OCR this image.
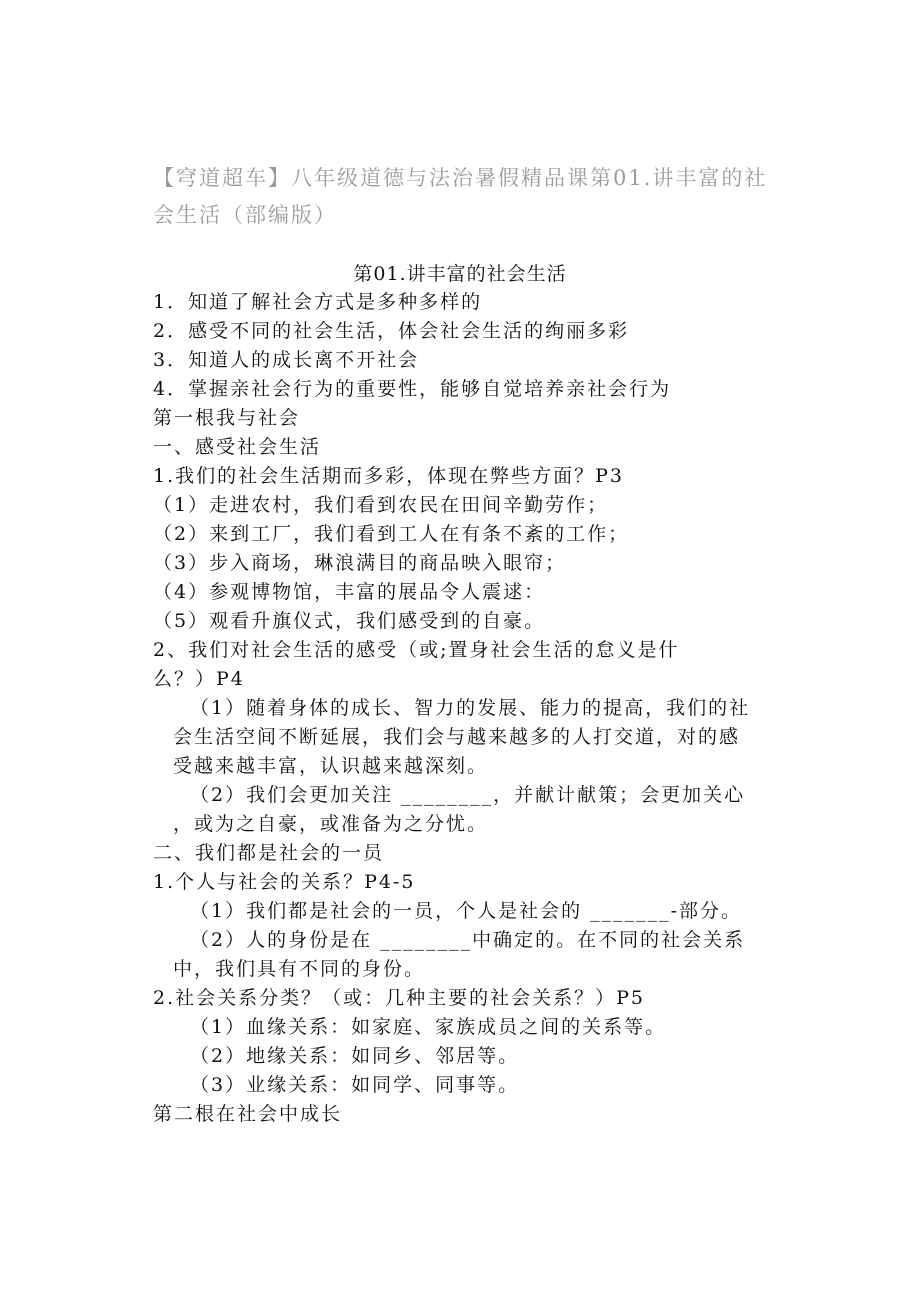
【穹道超车】八年级道德与法治暑假精品课第01.讲丰富的社会生活（部编版）
第01.讲丰富的社会生活

1．知道了解社会方式是多种多样的

2．感受不同的社会生活，体会社会生活的绚丽多彩

3．知道人的成长离不开社会

4．掌握亲社会行为的重要性，能够自觉培养亲社会行为

第一根我与社会

一、感受社会生活

1.我们的社会生活期而多彩，体现在弊些方面？P3

（1）走进农村，我们看到农民在田间辛勤劳作；

（2）来到工厂，我们看到工人在有条不紊的工作；

（3）步入商场，琳浪满目的商品映入眼帘；

（4）参观博物馆，丰富的展品令人震逑：

（5）观看升旗仪式，我们感受到的自豪。

2、我们对社会生活的感受（或;置身社会生活的怠义是什

么？）P4

（1）随着身体的成长、智力的发展、能力的提高，我们的社

会生活空间不断延展，我们会与越来越多的人打交道，对的感

受越来越丰富，认识越来越深刻。

（2）我们会更加关注 ________，并献计献策；会更加关心

，或为之自豪，或准备为之分忧。

二、我们都是社会的一员

1.个人与社会的关系？P4-5

（1）我们都是社会的一员，个人是社会的 _______-部分。

（2）人的身份是在 ________中确定的。在不同的社会关系

中，我们具有不同的身份。

2.社会关系分类？（或：几种主要的社会关系？）P5

（1）血缘关系：如家庭、家族成员之间的关系等。

（2）地缘关系：如同乡、邻居等。

（3）业缘关系：如同学、同事等。

第二根在社会中成长
